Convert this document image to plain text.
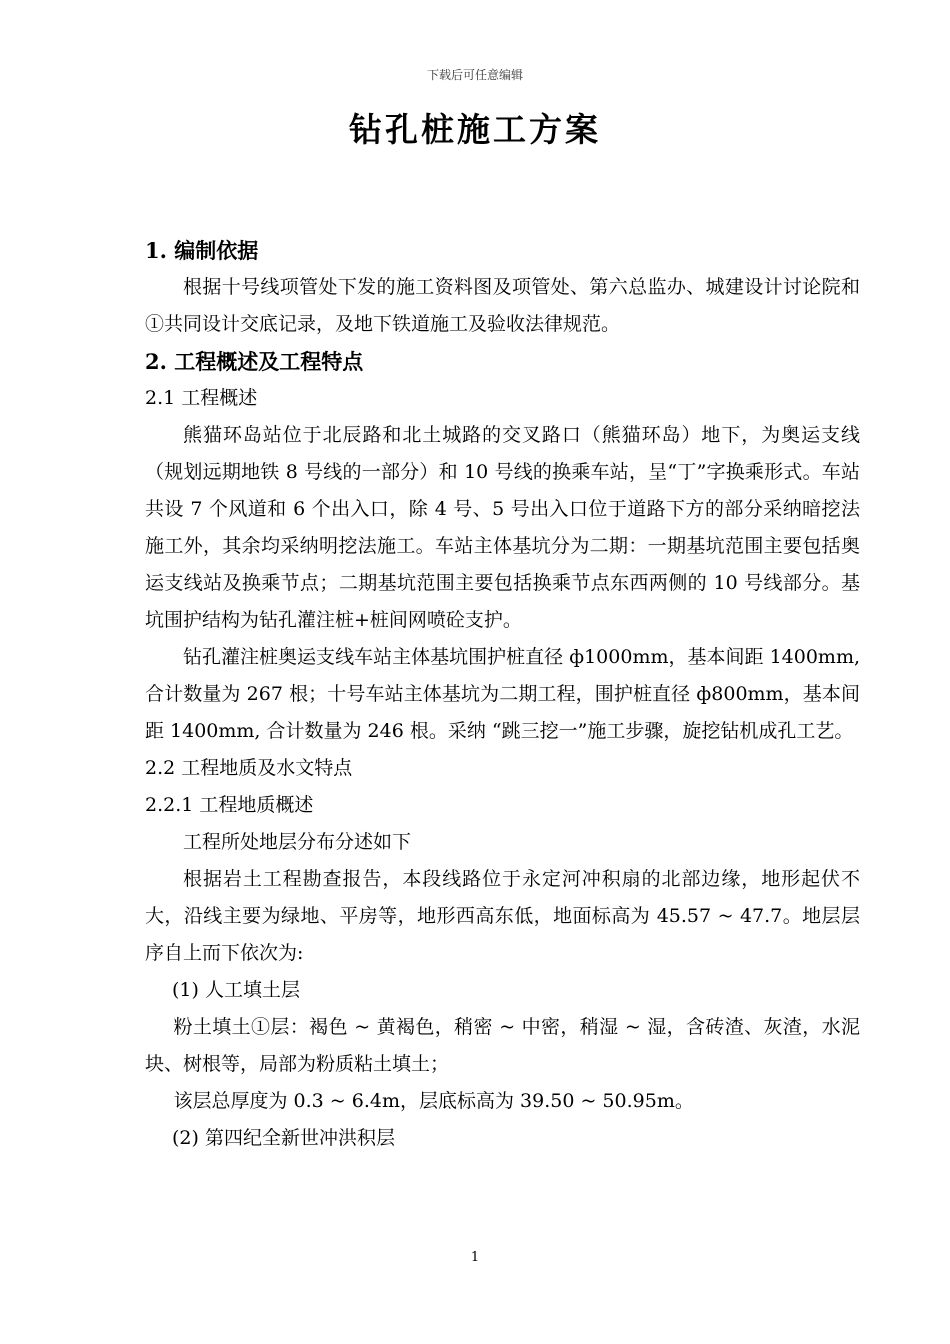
下载后可任意编辑
钻孔桩施工方案

1. 编制依据

根据十号线项管处下发的施工资料图及项管处、第六总监办、城建设计讨论院和①共同设计交底记录，及地下铁道施工及验收法律规范。

2. 工程概述及工程特点

2.1 工程概述

熊猫环岛站位于北辰路和北土城路的交叉路口（熊猫环岛）地下，为奥运支线（规划远期地铁 8 号线的一部分）和 10 号线的换乘车站，呈“丁”字换乘形式。车站共设 7 个风道和 6 个出入口，除 4 号、5 号出入口位于道路下方的部分采纳暗挖法施工外，其余均采纳明挖法施工。车站主体基坑分为二期：一期基坑范围主要包括奥运支线站及换乘节点；二期基坑范围主要包括换乘节点东西两侧的 10 号线部分。基坑围护结构为钻孔灌注桩+桩间网喷砼支护。

钻孔灌注桩奥运支线车站主体基坑围护桩直径 ф1000mm，基本间距 1400mm, 合计数量为 267 根；十号车站主体基坑为二期工程，围护桩直径 ф800mm，基本间距 1400mm, 合计数量为 246 根。采纳 “跳三挖一”施工步骤，旋挖钻机成孔工艺。

2.2 工程地质及水文特点

2.2.1 工程地质概述

工程所处地层分布分述如下

根据岩土工程勘查报告，本段线路位于永定河冲积扇的北部边缘，地形起伏不大，沿线主要为绿地、平房等，地形西高东低，地面标高为 45.57 ~ 47.7。地层层序自上而下依次为:

(1) 人工填土层

粉土填土①层：褐色 ~ 黄褐色，稍密 ~ 中密，稍湿 ~ 湿，含砖渣、灰渣，水泥块、树根等，局部为粉质粘土填土；

该层总厚度为 0.3 ~ 6.4m，层底标高为 39.50 ~ 50.95m。

(2) 第四纪全新世冲洪积层

1
